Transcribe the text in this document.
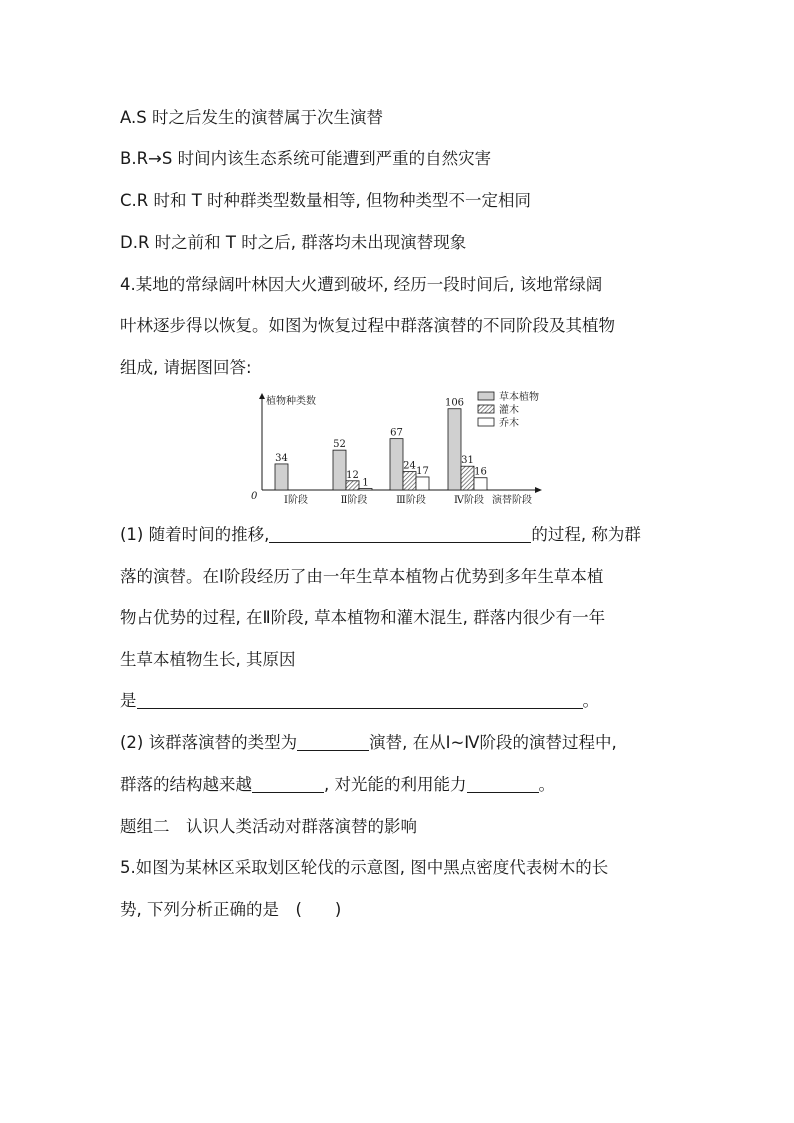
A.S 时之后发生的演替属于次生演替
B.R→S 时间内该生态系统可能遭到严重的自然灾害
C.R 时和 T 时种群类型数量相等, 但物种类型不一定相同
D.R 时之前和 T 时之后, 群落均未出现演替现象
4.某地的常绿阔叶林因大火遭到破坏, 经历一段时间后, 该地常绿阔
叶林逐步得以恢复。如图为恢复过程中群落演替的不同阶段及其植物
组成, 请据图回答:
植物种类数
0	演替阶段
Ⅰ阶段
34
Ⅱ阶段
52
12
1
Ⅲ阶段
67
24 17
Ⅳ阶段
106
31
16
草本植物
灌木
乔木
(1) 随着时间的推移,	的过程, 称为群
落的演替。在Ⅰ阶段经历了由一年生草本植物占优势到多年生草本植
物占优势的过程, 在Ⅱ阶段, 草本植物和灌木混生, 群落内很少有一年
生草本植物生长, 其原因
是	。
(2) 该群落演替的类型为	演替, 在从Ⅰ~Ⅳ阶段的演替过程中,
群落的结构越来越	, 对光能的利用能力	。
题组二　认识人类活动对群落演替的影响
5.如图为某林区采取划区轮伐的示意图, 图中黑点密度代表树木的长
势, 下列分析正确的是　(　　)
